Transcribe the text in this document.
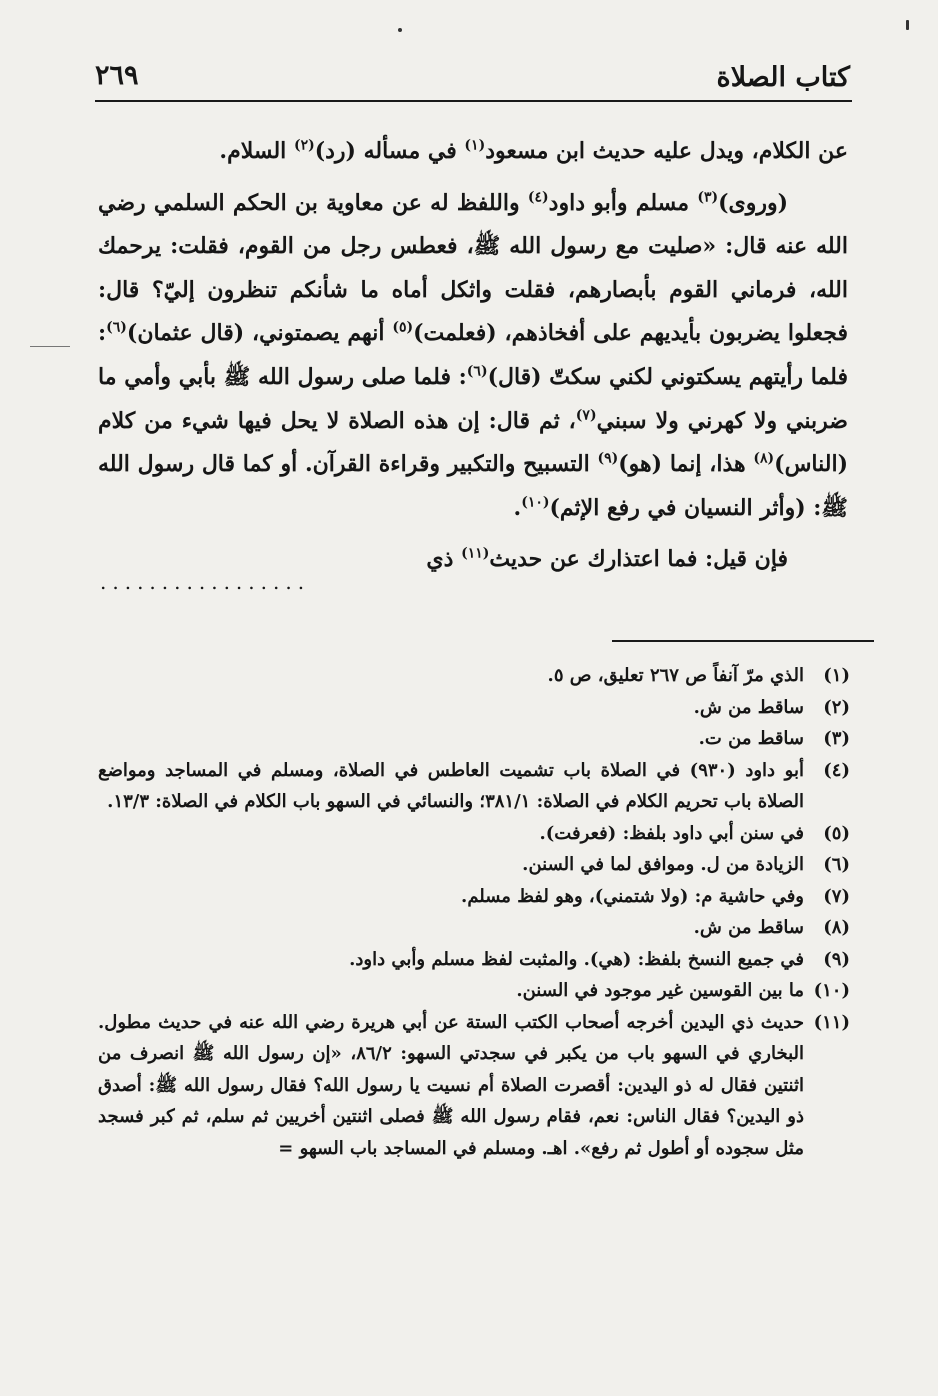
كتاب الصلاة
٢٦٩

عن الكلام، ويدل عليه حديث ابن مسعود$^{(١)}$ في مسأله (رد)$^{(٢)}$ السلام.

(وروى)$^{(٣)}$ مسلم وأبو داود$^{(٤)}$ واللفظ له عن معاوية بن الحكم السلمي رضي الله عنه قال: «صليت مع رسول الله ﷺ، فعطس رجل من القوم، فقلت: يرحمك الله، فرماني القوم بأبصارهم، فقلت واثكل أماه ما شأنكم تنظرون إليّ؟ قال: فجعلوا يضربون بأيديهم على أفخاذهم، (فعلمت)$^{(٥)}$ أنهم يصمتوني، (قال عثمان)$^{(٦)}$: فلما رأيتهم يسكتوني لكني سكتّ (قال)$^{(٦)}$: فلما صلى رسول الله ﷺ بأبي وأمي ما ضربني ولا كهرني ولا سبني$^{(٧)}$، ثم قال: إن هذه الصلاة لا يحل فيها شيء من كلام (الناس)$^{(٨)}$ هذا، إنما (هو)$^{(٩)}$ التسبيح والتكبير وقراءة القرآن. أو كما قال رسول الله ﷺ: (وأثر النسيان في رفع الإثم)$^{(١٠)}$.

فإن قيل: فما اعتذارك عن حديث$^{(١١)}$ ذي

.................
(١)
الذي مرّ آنفاً ص ٢٦٧ تعليق، ص ٥.
(٢)
ساقط من ش.
(٣)
ساقط من ت.
(٤)
أبو داود (٩٣٠) في الصلاة باب تشميت العاطس في الصلاة، ومسلم في المساجد ومواضع الصلاة باب تحريم الكلام في الصلاة: ٣٨١/١؛ والنسائي في السهو باب الكلام في الصلاة: ١٣/٣.
(٥)
في سنن أبي داود بلفظ: (فعرفت).
(٦)
الزيادة من ل. وموافق لما في السنن.
(٧)
وفي حاشية م: (ولا شتمني)، وهو لفظ مسلم.
(٨)
ساقط من ش.
(٩)
في جميع النسخ بلفظ: (هي). والمثبت لفظ مسلم وأبي داود.
(١٠)
ما بين القوسين غير موجود في السنن.
(١١)
حديث ذي اليدين أخرجه أصحاب الكتب الستة عن أبي هريرة رضي الله عنه في حديث مطول. البخاري في السهو باب من يكبر في سجدتي السهو: ٨٦/٢، «إن رسول الله ﷺ انصرف من اثنتين فقال له ذو اليدين: أقصرت الصلاة أم نسيت يا رسول الله؟ فقال رسول الله ﷺ: أصدق ذو اليدين؟ فقال الناس: نعم، فقام رسول الله ﷺ فصلى اثنتين أخريين ثم سلم، ثم كبر فسجد مثل سجوده أو أطول ثم رفع». اهـ. ومسلم في المساجد باب السهو =
